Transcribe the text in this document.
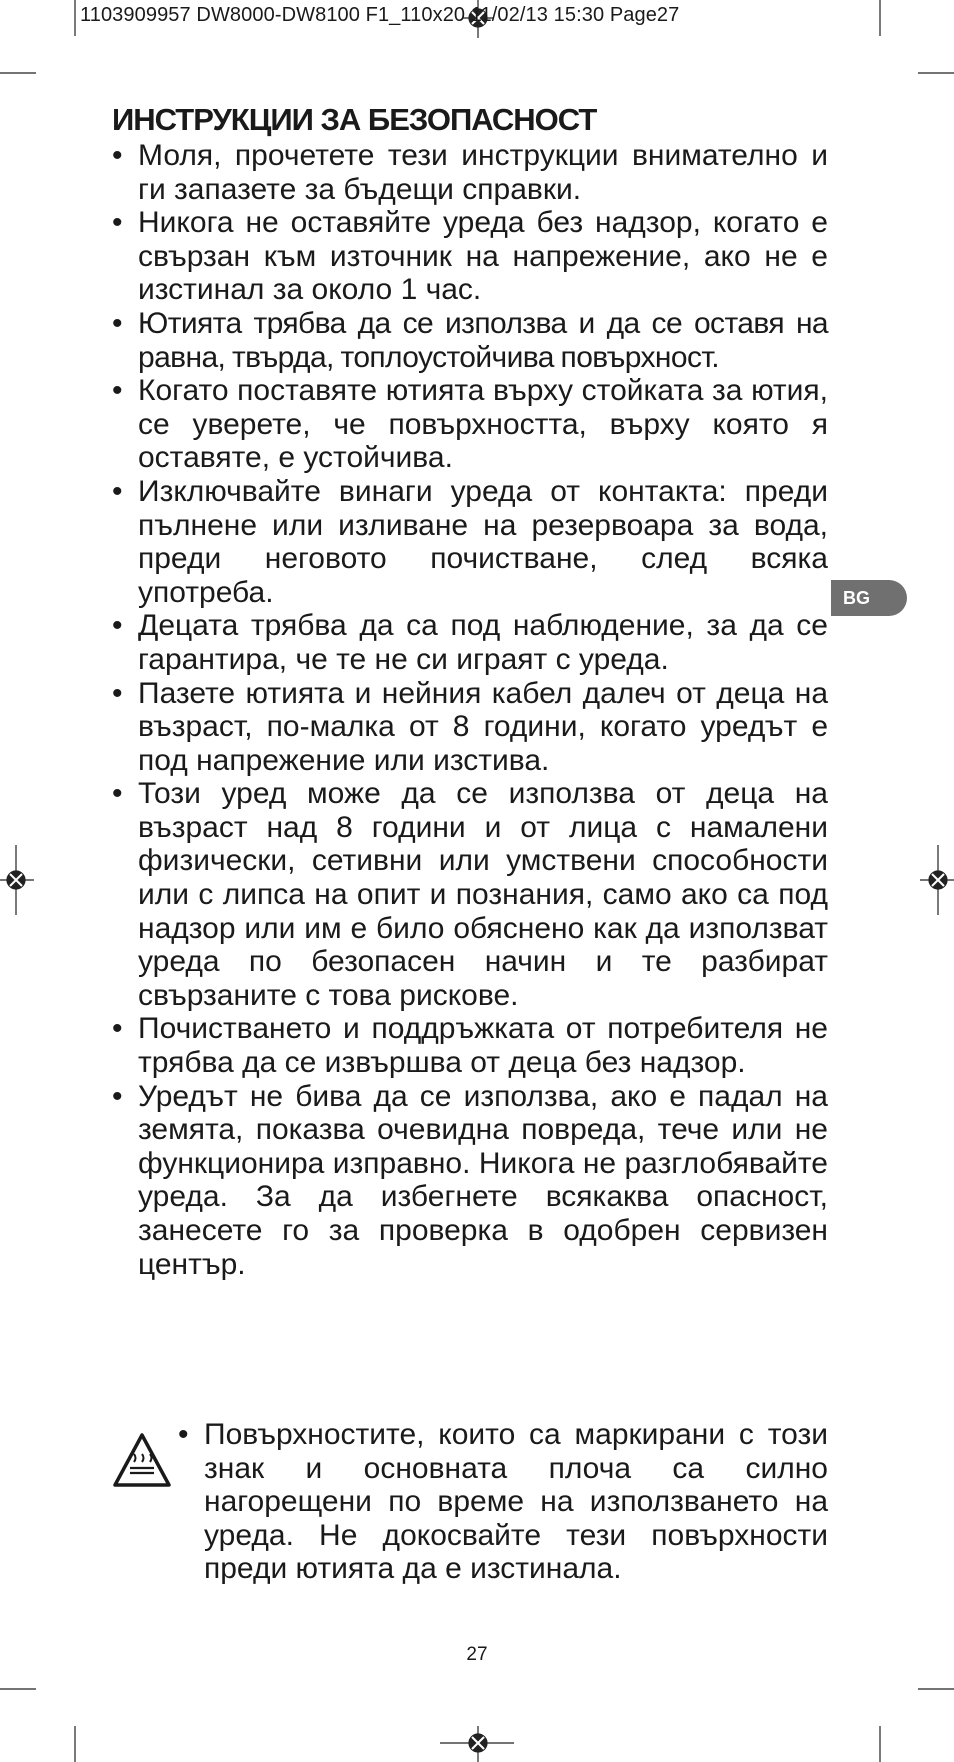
1103909957 DW8000-DW8100 F1_110x20 11/02/13 15:30 Page27
ИНСТРУКЦИИ ЗА БЕЗОПАСНОСТ
• Моля, прочетете тези инструкции внимателно и ги запазете за бъдещи справки.
• Никога не оставяйте уреда без надзор, когато е свързан към източник на напрежение, ако не е изстинал за около 1 час.
• Ютията трябва да се използва и да се оставя на равна, твърда, топлоустойчива повърхност.
• Когато поставяте ютията върху стойката за ютия, се уверете, че повърхността, върху която я оставяте, е устойчива.
• Изключвайте винаги уреда от контакта: преди пълнене или изливане на резервоара за вода, преди неговото почистване, след всяка употреба.
• Децата трябва да са под наблюдение, за да се гарантира, че те не си играят с уреда.
• Пазете ютията и нейния кабел далеч от деца на възраст, по-малка от 8 години, когато уредът е под напрежение или изстива.
• Този уред може да се използва от деца на възраст над 8 години и от лица с намалени физически, сетивни или умствени способности или с липса на опит и познания, само ако са под надзор или им е било обяснено как да използват уреда по безопасен начин и те разбират свързаните с това рискове.
• Почистването и поддръжката от потребителя не трябва да се извършва от деца без надзор.
• Уредът не бива да се използва, ако е падал на земята, показва очевидна повреда, тече или не функционира изправно. Никога не разглобявайте уреда. За да избегнете всякаква опасност, занесете го за проверка в одобрен сервизен център.
• Повърхностите, които са маркирани с този знак и основната плоча са силно нагорещени по време на използването на уреда. Не докосвайте тези повърхности преди ютията да е изстинала.
BG
27
